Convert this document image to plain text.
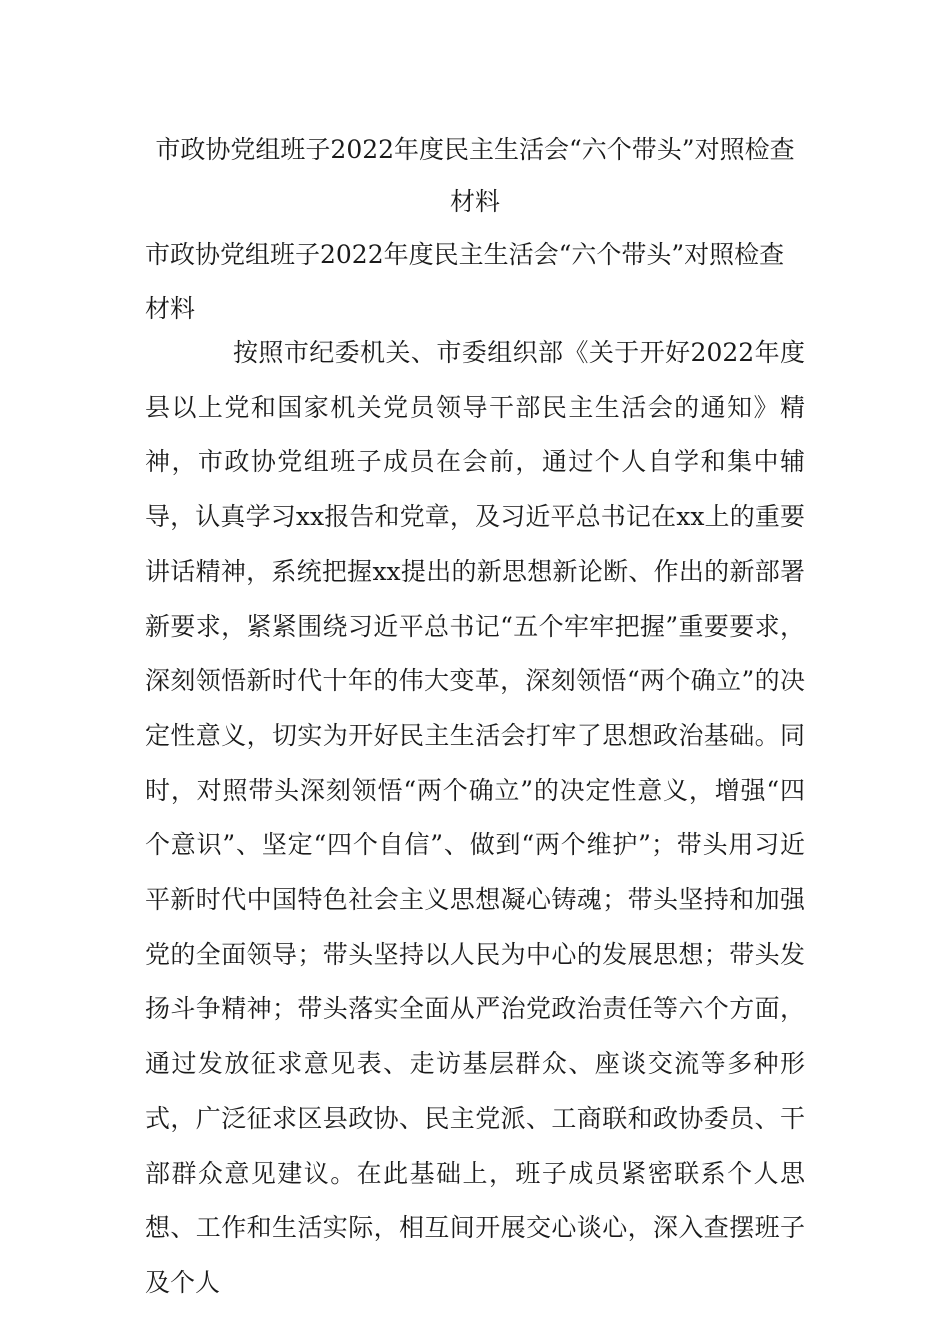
市政协党组班子2022年度民主生活会“六个带头”对照检查材料
市政协党组班子2022年度民主生活会“六个带头”对照检查材料

按照市纪委机关、市委组织部《关于开好2022年度县以上党和国家机关党员领导干部民主生活会的通知》精神，市政协党组班子成员在会前，通过个人自学和集中辅导，认真学习xx报告和党章，及习近平总书记在xx上的重要讲话精神，系统把握xx提出的新思想新论断、作出的新部署新要求，紧紧围绕习近平总书记“五个牢牢把握”重要要求，深刻领悟新时代十年的伟大变革，深刻领悟“两个确立”的决定性意义，切实为开好民主生活会打牢了思想政治基础。同时，对照带头深刻领悟“两个确立”的决定性意义，增强“四个意识”、坚定“四个自信”、做到“两个维护”；带头用习近平新时代中国特色社会主义思想凝心铸魂；带头坚持和加强党的全面领导；带头坚持以人民为中心的发展思想；带头发扬斗争精神；带头落实全面从严治党政治责任等六个方面，通过发放征求意见表、走访基层群众、座谈交流等多种形式，广泛征求区县政协、民主党派、工商联和政协委员、干部群众意见建议。在此基础上，班子成员紧密联系个人思想、工作和生活实际，相互间开展交心谈心，深入查摆班子及个人
